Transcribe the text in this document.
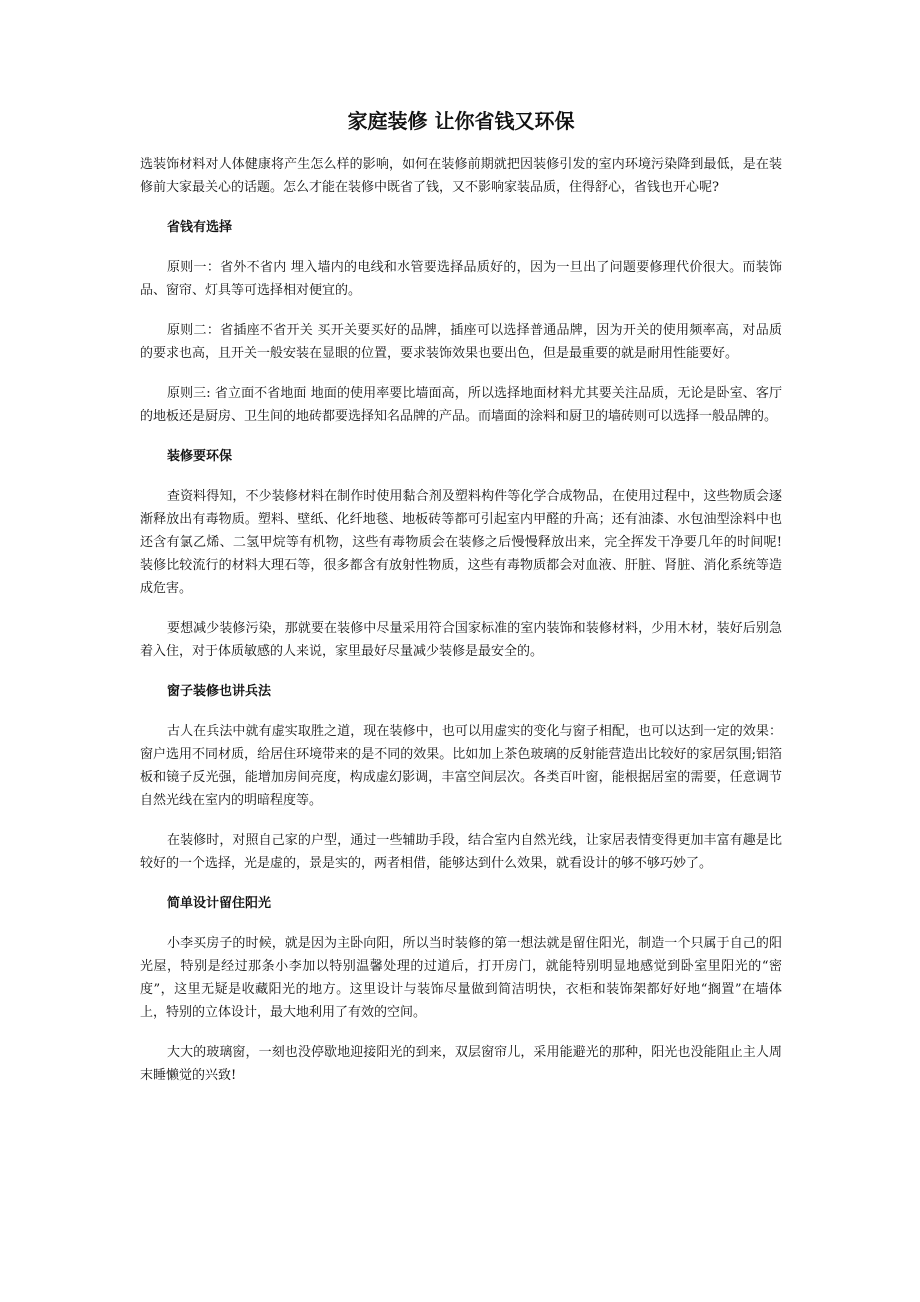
家庭装修 让你省钱又环保
选装饰材料对人体健康将产生怎么样的影响，如何在装修前期就把因装修引发的室内环境污染降到最低，是在装修前大家最关心的话题。怎么才能在装修中既省了钱，又不影响家装品质，住得舒心，省钱也开心呢?
省钱有选择
原则一：省外不省内 埋入墙内的电线和水管要选择品质好的，因为一旦出了问题要修理代价很大。而装饰品、窗帘、灯具等可选择相对便宜的。
原则二：省插座不省开关 买开关要买好的品牌，插座可以选择普通品牌，因为开关的使用频率高，对品质的要求也高，且开关一般安装在显眼的位置，要求装饰效果也要出色，但是最重要的就是耐用性能要好。
原则三: 省立面不省地面 地面的使用率要比墙面高，所以选择地面材料尤其要关注品质，无论是卧室、客厅的地板还是厨房、卫生间的地砖都要选择知名品牌的产品。而墙面的涂料和厨卫的墙砖则可以选择一般品牌的。
装修要环保
查资料得知，不少装修材料在制作时使用黏合剂及塑料构件等化学合成物品，在使用过程中，这些物质会逐渐释放出有毒物质。塑料、壁纸、化纤地毯、地板砖等都可引起室内甲醛的升高；还有油漆、水包油型涂料中也还含有氯乙烯、二氢甲烷等有机物，这些有毒物质会在装修之后慢慢释放出来，完全挥发干净要几年的时间呢!装修比较流行的材料大理石等，很多都含有放射性物质，这些有毒物质都会对血液、肝脏、肾脏、消化系统等造成危害。
要想减少装修污染，那就要在装修中尽量采用符合国家标准的室内装饰和装修材料，少用木材，装好后别急着入住，对于体质敏感的人来说，家里最好尽量减少装修是最安全的。
窗子装修也讲兵法
古人在兵法中就有虚实取胜之道，现在装修中，也可以用虚实的变化与窗子相配，也可以达到一定的效果：窗户选用不同材质，给居住环境带来的是不同的效果。比如加上茶色玻璃的反射能营造出比较好的家居氛围;铝箔板和镜子反光强，能增加房间亮度，构成虚幻影调，丰富空间层次。各类百叶窗，能根据居室的需要，任意调节自然光线在室内的明暗程度等。
在装修时，对照自己家的户型，通过一些辅助手段，结合室内自然光线，让家居表情变得更加丰富有趣是比较好的一个选择，光是虚的，景是实的，两者相借，能够达到什么效果，就看设计的够不够巧妙了。
简单设计留住阳光
小李买房子的时候，就是因为主卧向阳，所以当时装修的第一想法就是留住阳光，制造一个只属于自己的阳光屋，特别是经过那条小李加以特别温馨处理的过道后，打开房门，就能特别明显地感觉到卧室里阳光的“密度”，这里无疑是收藏阳光的地方。这里设计与装饰尽量做到简洁明快，衣柜和装饰架都好好地“搁置”在墙体上，特别的立体设计，最大地利用了有效的空间。
大大的玻璃窗，一刻也没停歇地迎接阳光的到来，双层窗帘儿，采用能避光的那种，阳光也没能阻止主人周末睡懒觉的兴致!
